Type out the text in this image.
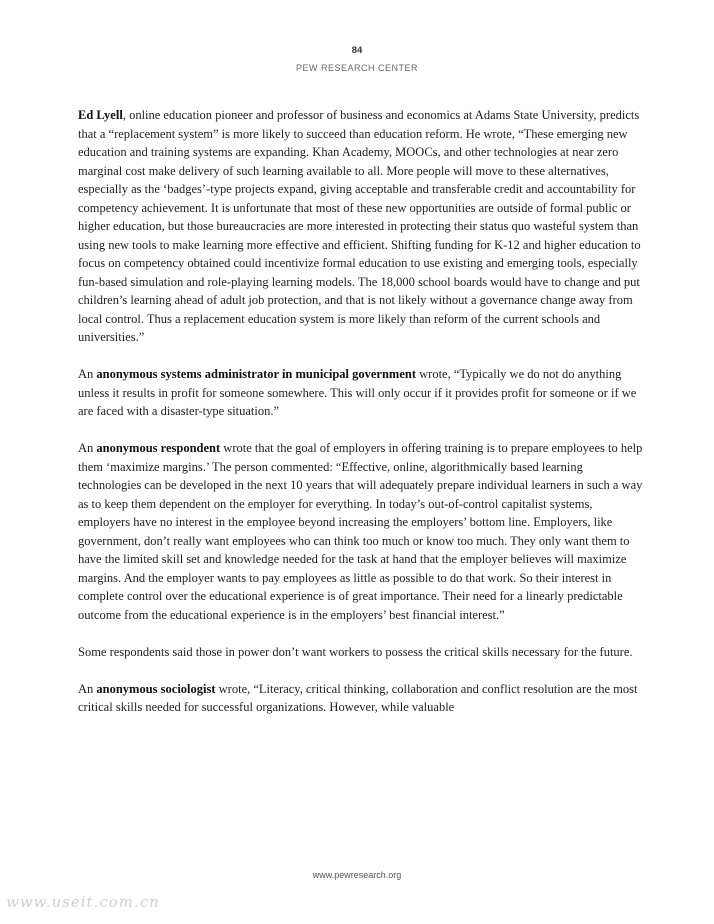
84
PEW RESEARCH CENTER

Ed Lyell, online education pioneer and professor of business and economics at Adams State University, predicts that a “replacement system” is more likely to succeed than education reform. He wrote, “These emerging new education and training systems are expanding. Khan Academy, MOOCs, and other technologies at near zero marginal cost make delivery of such learning available to all. More people will move to these alternatives, especially as the ‘badges’-type projects expand, giving acceptable and transferable credit and accountability for competency achievement. It is unfortunate that most of these new opportunities are outside of formal public or higher education, but those bureaucracies are more interested in protecting their status quo wasteful system than using new tools to make learning more effective and efficient. Shifting funding for K-12 and higher education to focus on competency obtained could incentivize formal education to use existing and emerging tools, especially fun-based simulation and role-playing learning models. The 18,000 school boards would have to change and put children’s learning ahead of adult job protection, and that is not likely without a governance change away from local control. Thus a replacement education system is more likely than reform of the current schools and universities.”

An anonymous systems administrator in municipal government wrote, “Typically we do not do anything unless it results in profit for someone somewhere. This will only occur if it provides profit for someone or if we are faced with a disaster-type situation.”

An anonymous respondent wrote that the goal of employers in offering training is to prepare employees to help them ‘maximize margins.’ The person commented: “Effective, online, algorithmically based learning technologies can be developed in the next 10 years that will adequately prepare individual learners in such a way as to keep them dependent on the employer for everything. In today’s out-of-control capitalist systems, employers have no interest in the employee beyond increasing the employers’ bottom line. Employers, like government, don’t really want employees who can think too much or know too much. They only want them to have the limited skill set and knowledge needed for the task at hand that the employer believes will maximize margins. And the employer wants to pay employees as little as possible to do that work. So their interest in complete control over the educational experience is of great importance. Their need for a linearly predictable outcome from the educational experience is in the employers’ best financial interest.”

Some respondents said those in power don’t want workers to possess the critical skills necessary for the future.

An anonymous sociologist wrote, “Literacy, critical thinking, collaboration and conflict resolution are the most critical skills needed for successful organizations. However, while valuable

www.pewresearch.org
www.useit.com.cn
